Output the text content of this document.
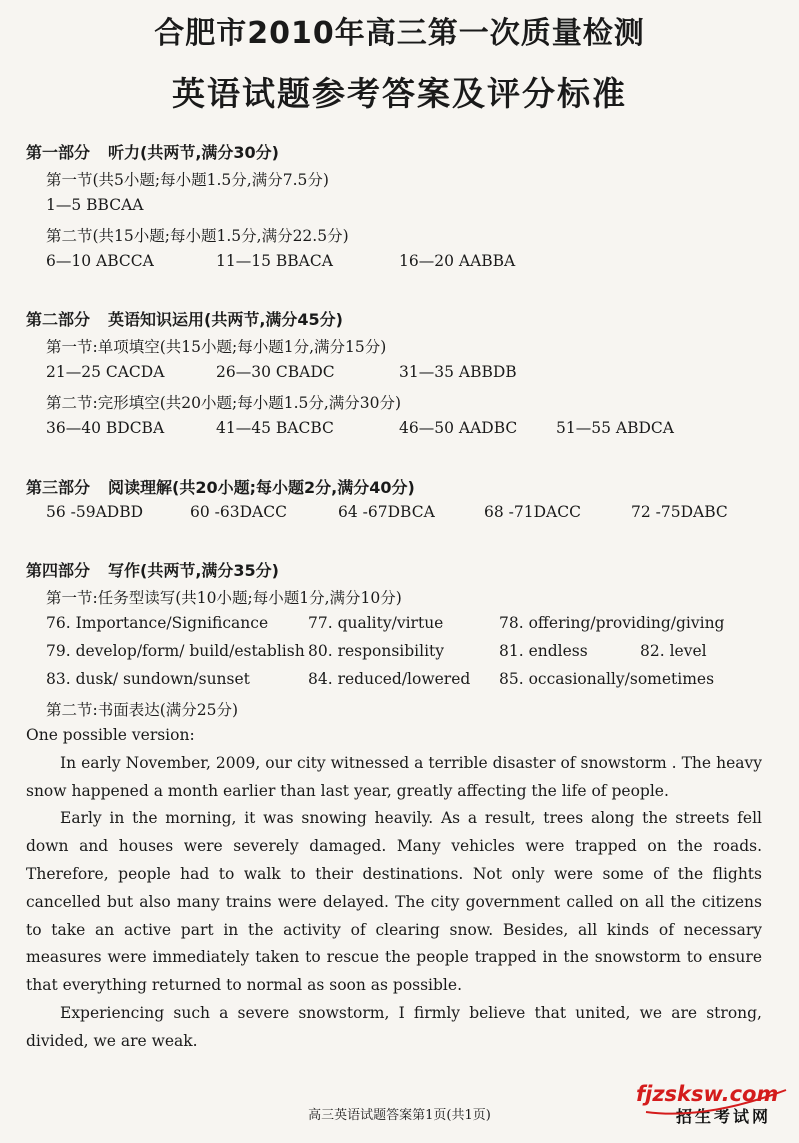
合肥市2010年高三第一次质量检测
英语试题参考答案及评分标准
第一部分 听力(共两节,满分30分)
第一节(共5小题;每小题1.5分,满分7.5分)
1—5 BBCAA
第二节(共15小题;每小题1.5分,满分22.5分)
6—10 ABCCA	11—15 BBACA	16—20 AABBA
第二部分 英语知识运用(共两节,满分45分)
第一节:单项填空(共15小题;每小题1分,满分15分)
21—25 CACDA	26—30 CBADC	31—35 ABBDB
第二节:完形填空(共20小题;每小题1.5分,满分30分)
36—40 BDCBA	41—45 BACBC	46—50 AADBC	51—55 ABDCA
第三部分 阅读理解(共20小题;每小题2分,满分40分)
56 -59ADBD	60 -63DACC	64 -67DBCA	68 -71DACC	72 -75DABC
第四部分 写作(共两节,满分35分)
第一节:任务型读写(共10小题;每小题1分,满分10分)
76. Importance/Significance	77. quality/virtue	78. offering/providing/giving
79. develop/form/ build/establish 80. responsibility	81. endless	82. level
83. dusk/ sundown/sunset	84. reduced/lowered 85. occasionally/sometimes
第二节:书面表达(满分25分)

One possible version:

In early November, 2009, our city witnessed a terrible disaster of snowstorm . The heavy snow happened a month earlier than last year, greatly affecting the life of people.

Early in the morning, it was snowing heavily. As a result, trees along the streets fell down and houses were severely damaged. Many vehicles were trapped on the roads. Therefore, people had to walk to their destinations. Not only were some of the flights cancelled but also many trains were delayed. The city government called on all the citizens to take an active part in the activity of clearing snow. Besides, all kinds of necessary measures were immediately taken to rescue the people trapped in the snowstorm to ensure that everything returned to normal as soon as possible.

Experiencing such a severe snowstorm, I firmly believe that united, we are strong, divided, we are weak.

高三英语试题答案第1页(共1页)
fjzsksw.com
招生考试网
